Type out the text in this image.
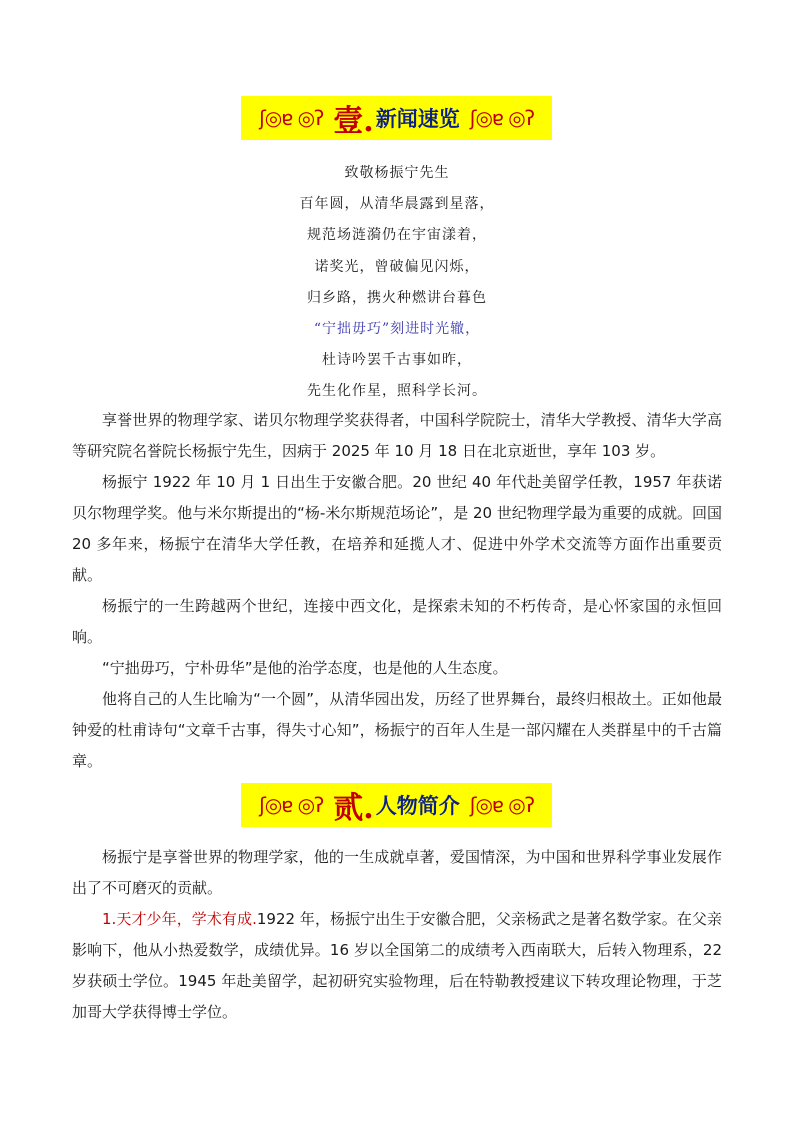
ʃ◎ɐ ◎ʔ 壹. 新闻速览 ʃ◎ɐ ◎ʔ
致敬杨振宁先生
百年圆，从清华晨露到星落，
规范场涟漪仍在宇宙漾着，
诺奖光，曾破偏见闪烁，
归乡路，携火种燃讲台暮色
“宁拙毋巧”刻进时光辙，
杜诗吟罢千古事如昨，
先生化作星，照科学长河。

享誉世界的物理学家、诺贝尔物理学奖获得者，中国科学院院士，清华大学教授、清华大学高等研究院名誉院长杨振宁先生，因病于 2025 年 10 月 18 日在北京逝世，享年 103 岁。

杨振宁 1922 年 10 月 1 日出生于安徽合肥。20 世纪 40 年代赴美留学任教，1957 年获诺贝尔物理学奖。他与米尔斯提出的“杨-米尔斯规范场论”，是 20 世纪物理学最为重要的成就。回国 20 多年来，杨振宁在清华大学任教，在培养和延揽人才、促进中外学术交流等方面作出重要贡献。

杨振宁的一生跨越两个世纪，连接中西文化，是探索未知的不朽传奇，是心怀家国的永恒回响。

“宁拙毋巧，宁朴毋华”是他的治学态度，也是他的人生态度。

他将自己的人生比喻为“一个圆”，从清华园出发，历经了世界舞台，最终归根故土。正如他最钟爱的杜甫诗句“文章千古事，得失寸心知”，杨振宁的百年人生是一部闪耀在人类群星中的千古篇章。

ʃ◎ɐ ◎ʔ 贰. 人物简介 ʃ◎ɐ ◎ʔ

杨振宁是享誉世界的物理学家，他的一生成就卓著，爱国情深，为中国和世界科学事业发展作出了不可磨灭的贡献。

1.天才少年，学术有成.1922 年，杨振宁出生于安徽合肥，父亲杨武之是著名数学家。在父亲影响下，他从小热爱数学，成绩优异。16 岁以全国第二的成绩考入西南联大，后转入物理系，22 岁获硕士学位。1945 年赴美留学，起初研究实验物理，后在特勒教授建议下转攻理论物理，于芝加哥大学获得博士学位。
